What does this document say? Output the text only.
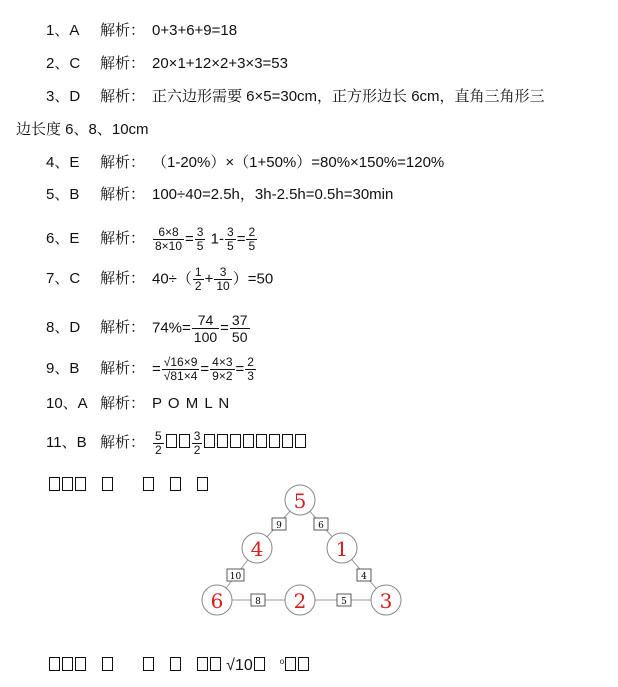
1、A 解析： 0+3+6+9=18
2、C 解析： 20×1+12×2+3×3=53
3、D 解析： 正六边形需要 6×5=30cm，正方形边长 6cm，直角三角形三
边长度 6、8、10cm
4、E 解析： （1-20%）×（1+50%）=80%×150%=120%
5、B 解析： 100÷40=2.5h，3h-2.5h=0.5h=30min
6、E 解析： $\frac{6\times 8}{8\times 10} = \frac{3}{5} 1- \frac{3}{5} = \frac{2}{5}$
7、C 解析： $40\div( \frac{1}{2} + \frac{3}{10} )=50$
8、D 解析： $74\%= \frac{74}{100} = \frac{37}{50}$
9、B 解析： = $\frac{√16\times 9}{√81\times 4} = \frac{4\times 3}{9\times 2} = \frac{2}{3}$
10、A 解析： P O M L N
11、B 解析： $\frac{5}{2} \frac{3}{2}$
9	6
10	4
8	5
5
4	1
6	2	3
√10	$^o$
